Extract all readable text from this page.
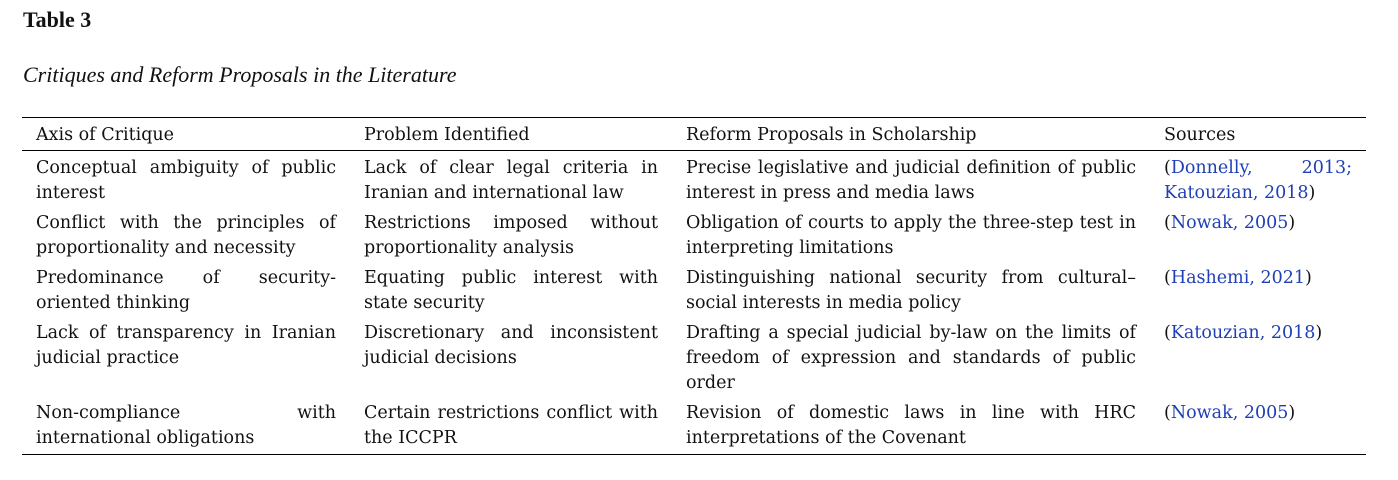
Table 3
Critiques and Reform Proposals in the Literature
Axis of Critique	Problem Identified	Reform Proposals in Scholarship	Sources
Conceptual ambiguity of public interest	Lack of clear legal criteria in Iranian and international law	Precise legislative and judicial definition of public interest in press and media laws	(Donnelly, 2013; Katouzian, 2018)
Conflict with the principles of proportionality and necessity	Restrictions imposed without proportionality analysis	Obligation of courts to apply the three-step test in interpreting limitations	(Nowak, 2005)
Predominance of security-oriented thinking	Equating public interest with state security	Distinguishing national security from cultural–social interests in media policy	(Hashemi, 2021)
Lack of transparency in Iranian judicial practice	Discretionary and inconsistent judicial decisions	Drafting a special judicial by-law on the limits of freedom of expression and standards of public order	(Katouzian, 2018)
Non-compliance with international obligations	Certain restrictions conflict with the ICCPR	Revision of domestic laws in line with HRC interpretations of the Covenant	(Nowak, 2005)
